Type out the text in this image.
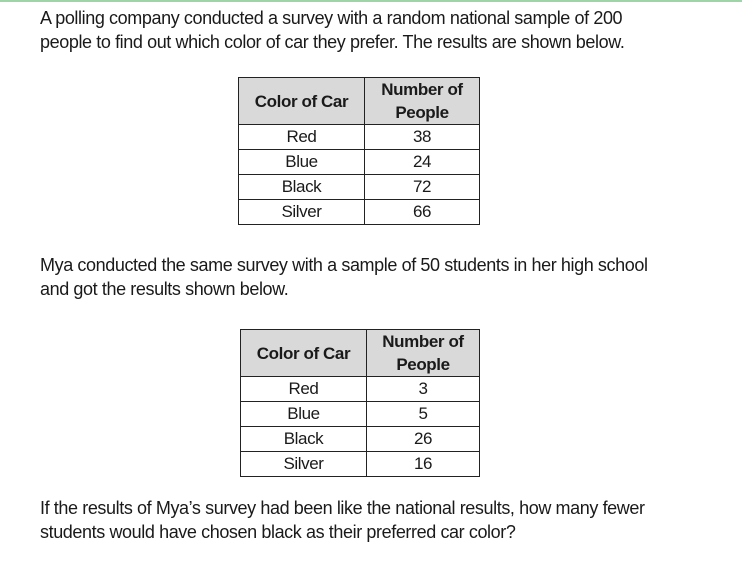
A polling company conducted a survey with a random national sample of 200
people to find out which color of car they prefer. The results are shown below.

Color of Car	Number of
People
Red	38
Blue	24
Black	72
Silver	66

Mya conducted the same survey with a sample of 50 students in her high school
and got the results shown below.

Color of Car	Number of
People
Red	3
Blue	5
Black	26
Silver	16

If the results of Mya’s survey had been like the national results, how many fewer
students would have chosen black as their preferred car color?
